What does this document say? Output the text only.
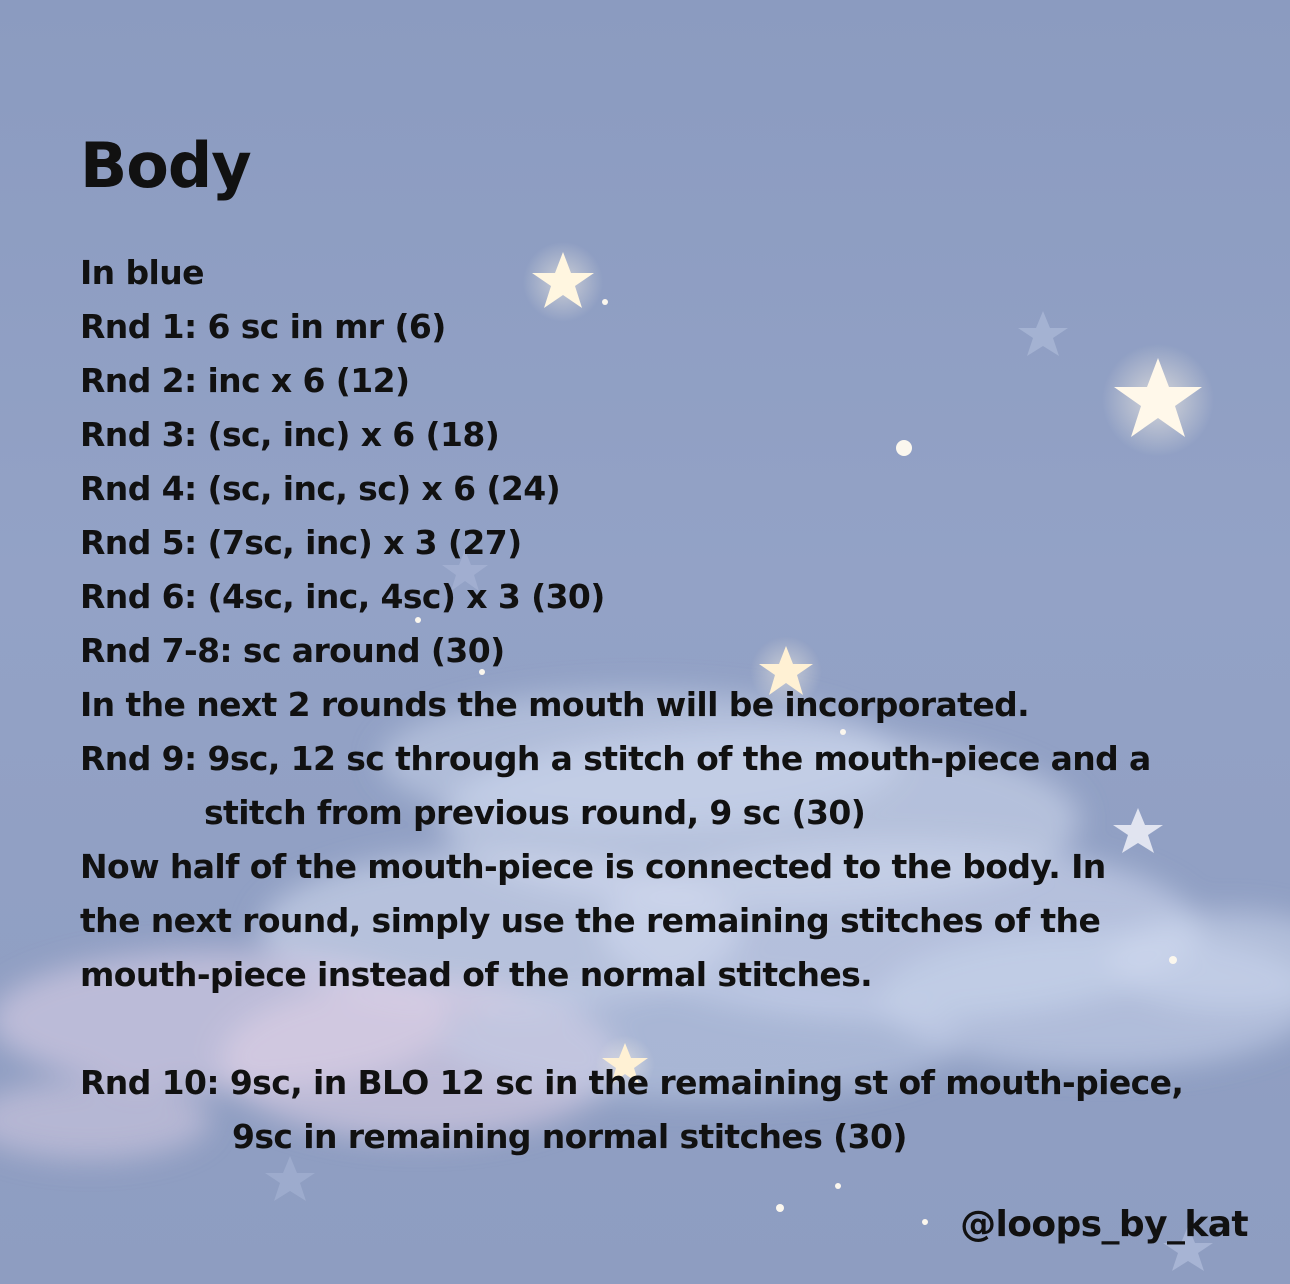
Body
In blue
Rnd 1: 6 sc in mr (6)
Rnd 2: inc x 6 (12)
Rnd 3: (sc, inc) x 6 (18)
Rnd 4: (sc, inc, sc) x 6 (24)
Rnd 5: (7sc, inc) x 3 (27)
Rnd 6: (4sc, inc, 4sc) x 3 (30)
Rnd 7-8: sc around (30)
In the next 2 rounds the mouth will be incorporated.
Rnd 9: 9sc, 12 sc through a stitch of the mouth-piece and a
stitch from previous round, 9 sc (30)
Now half of the mouth-piece is connected to the body. In
the next round, simply use the remaining stitches of the
mouth-piece instead of the normal stitches.
Rnd 10: 9sc, in BLO 12 sc in the remaining st of mouth-piece,
9sc in remaining normal stitches (30)
@loops_by_kat
